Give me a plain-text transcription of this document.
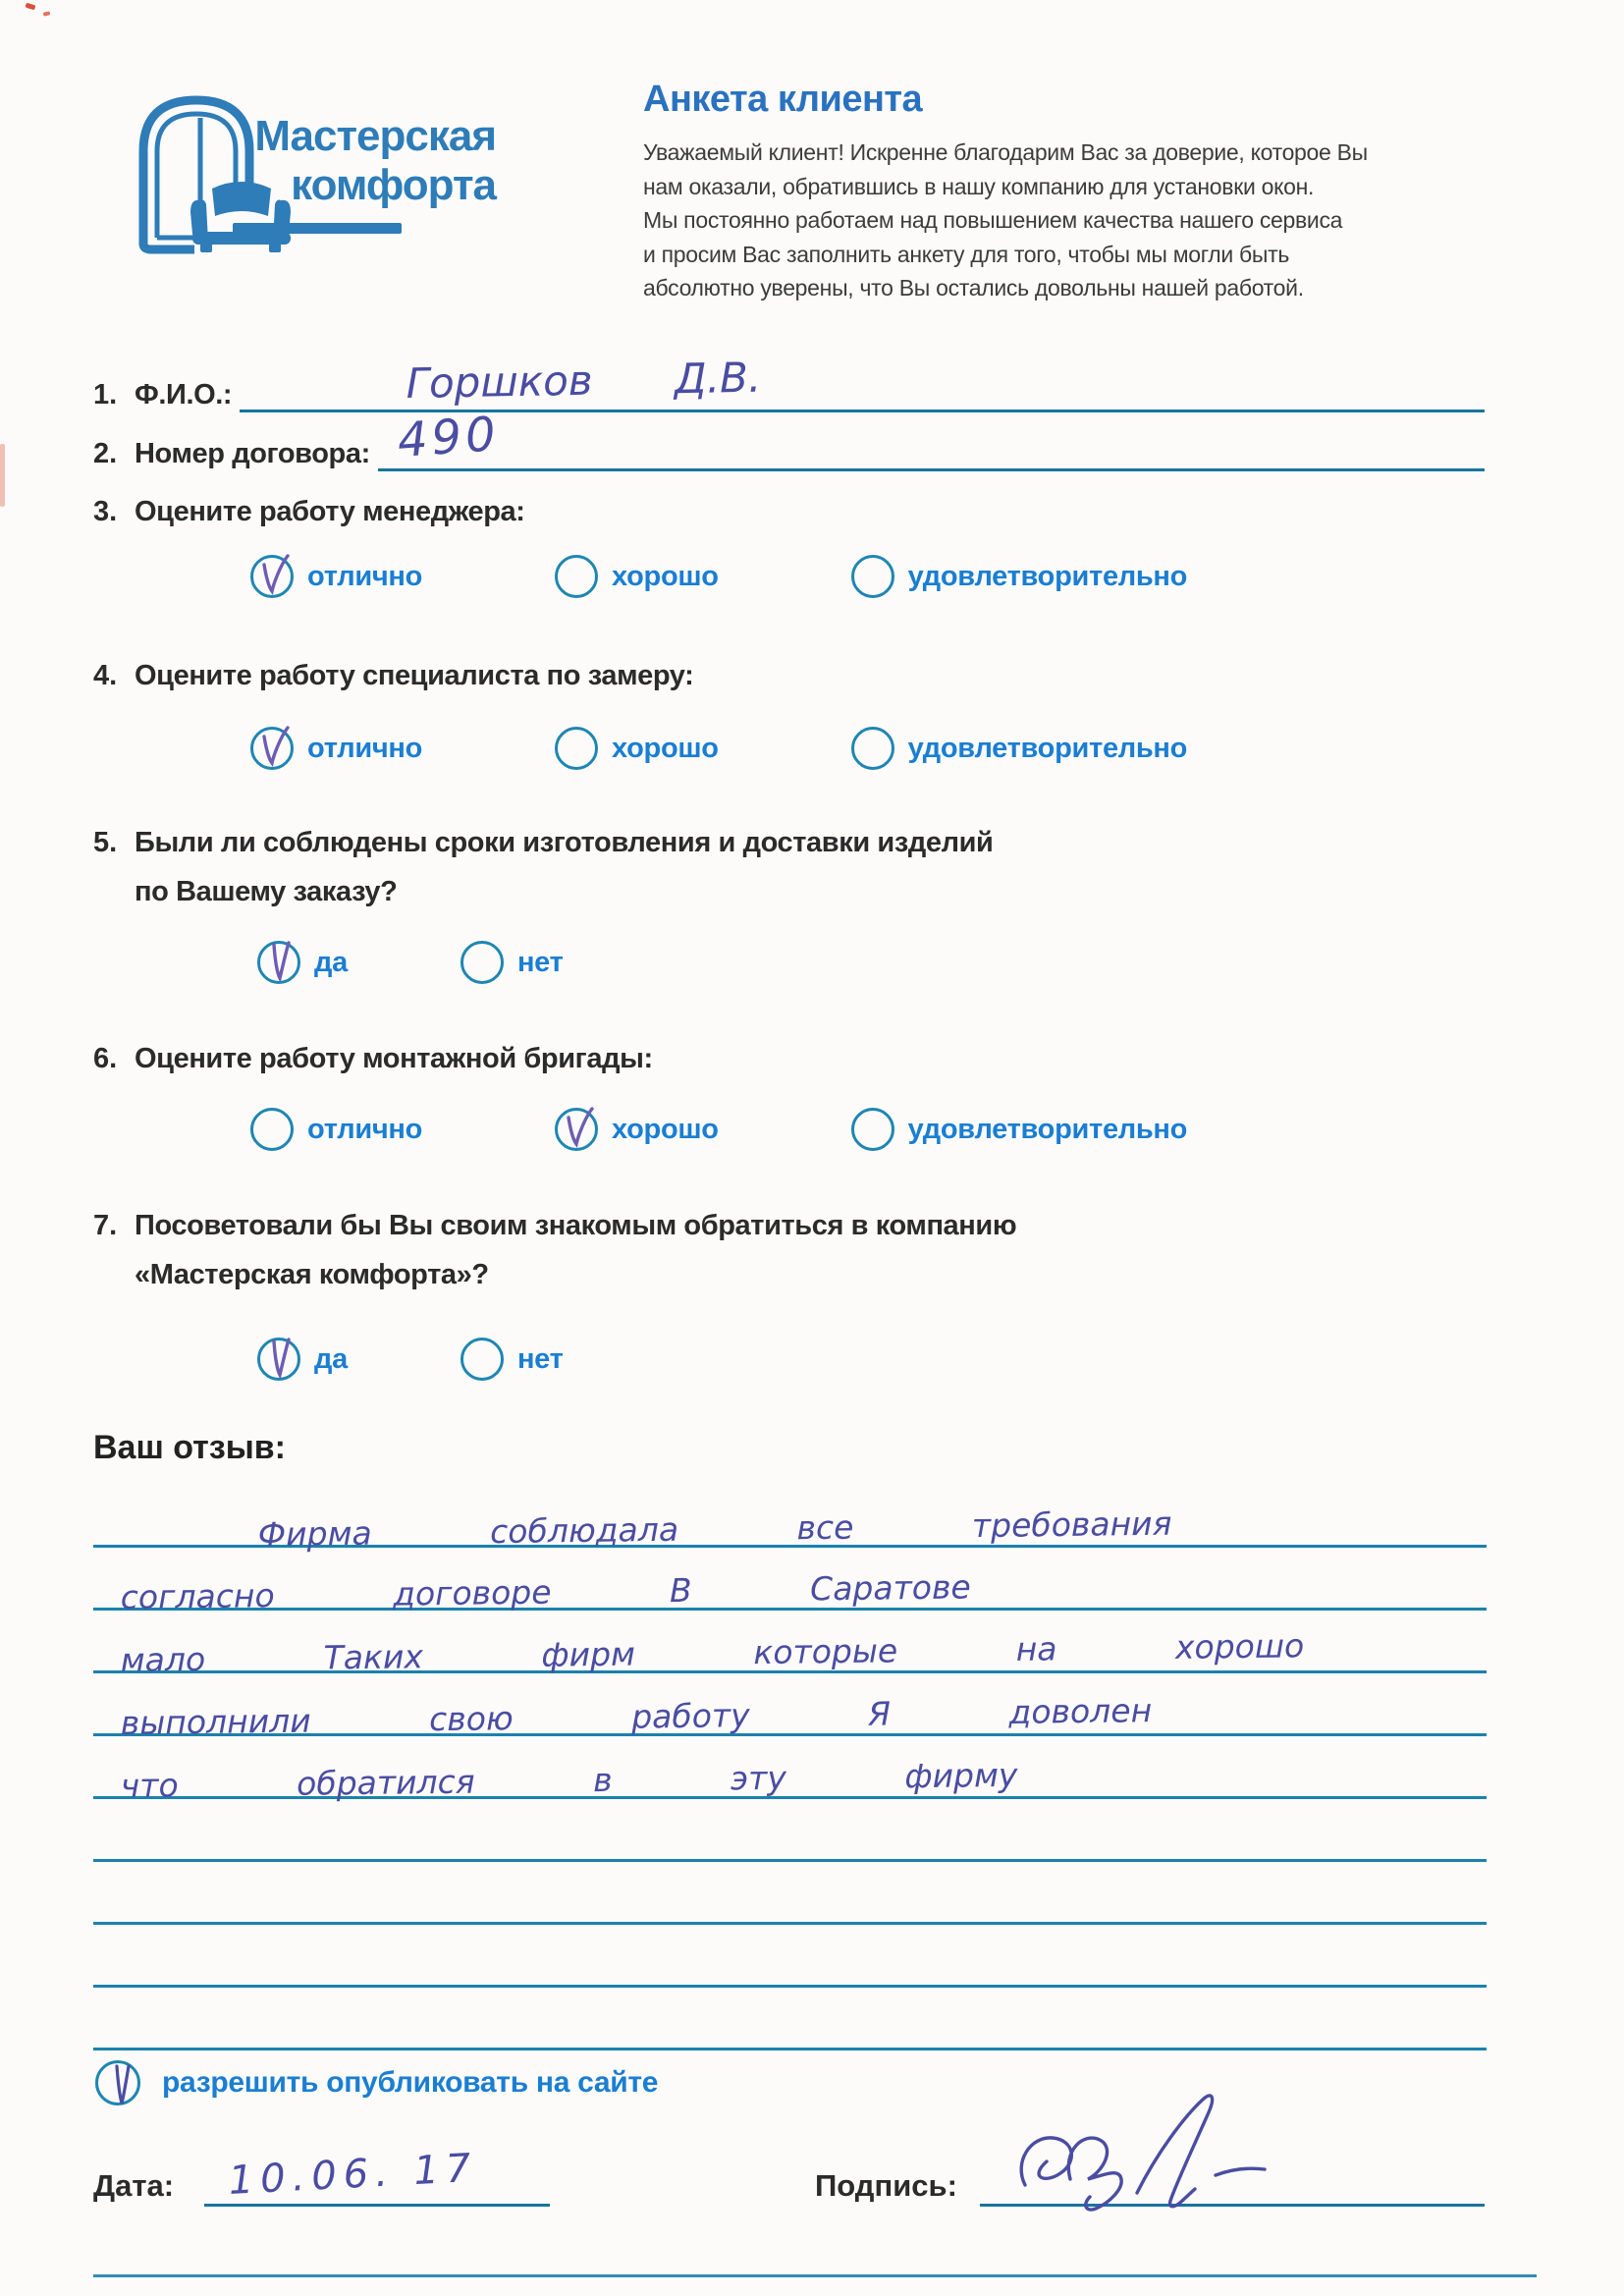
Мастерская
комфорта
Анкета клиента
Уважаемый клиент! Искренне благодарим Вас за доверие, которое Вы
нам оказали, обратившись в нашу компанию для установки окон.
Мы постоянно работаем над повышением качества нашего сервиса
и просим Вас заполнить анкету для того, чтобы мы могли быть
абсолютно уверены, что Вы остались довольны нашей работой.
1. Ф.И.О.:	Горшков Д.В.
2. Номер договора: 490
3. Оцените работу менеджера:
отлично	хорошо	удовлетворительно
4. Оцените работу специалиста по замеру:
отлично	хорошо	удовлетворительно
5. Были ли соблюдены сроки изготовления и доставки изделий
по Вашему заказу?
да	нет
6. Оцените работу монтажной бригады:
отлично	хорошо	удовлетворительно
7. Посоветовали бы Вы своим знакомым обратиться в компанию
«Мастерская комфорта»?
да	нет
Ваш отзыв:
Фирма соблюдала все требования
согласно договоре В Саратове
мало Таких фирм которые на хорошо
выполнили свою работу Я доволен
что обратился в эту фирму
разрешить опубликовать на сайте
Дата: 10.06. 17	Подпись:
